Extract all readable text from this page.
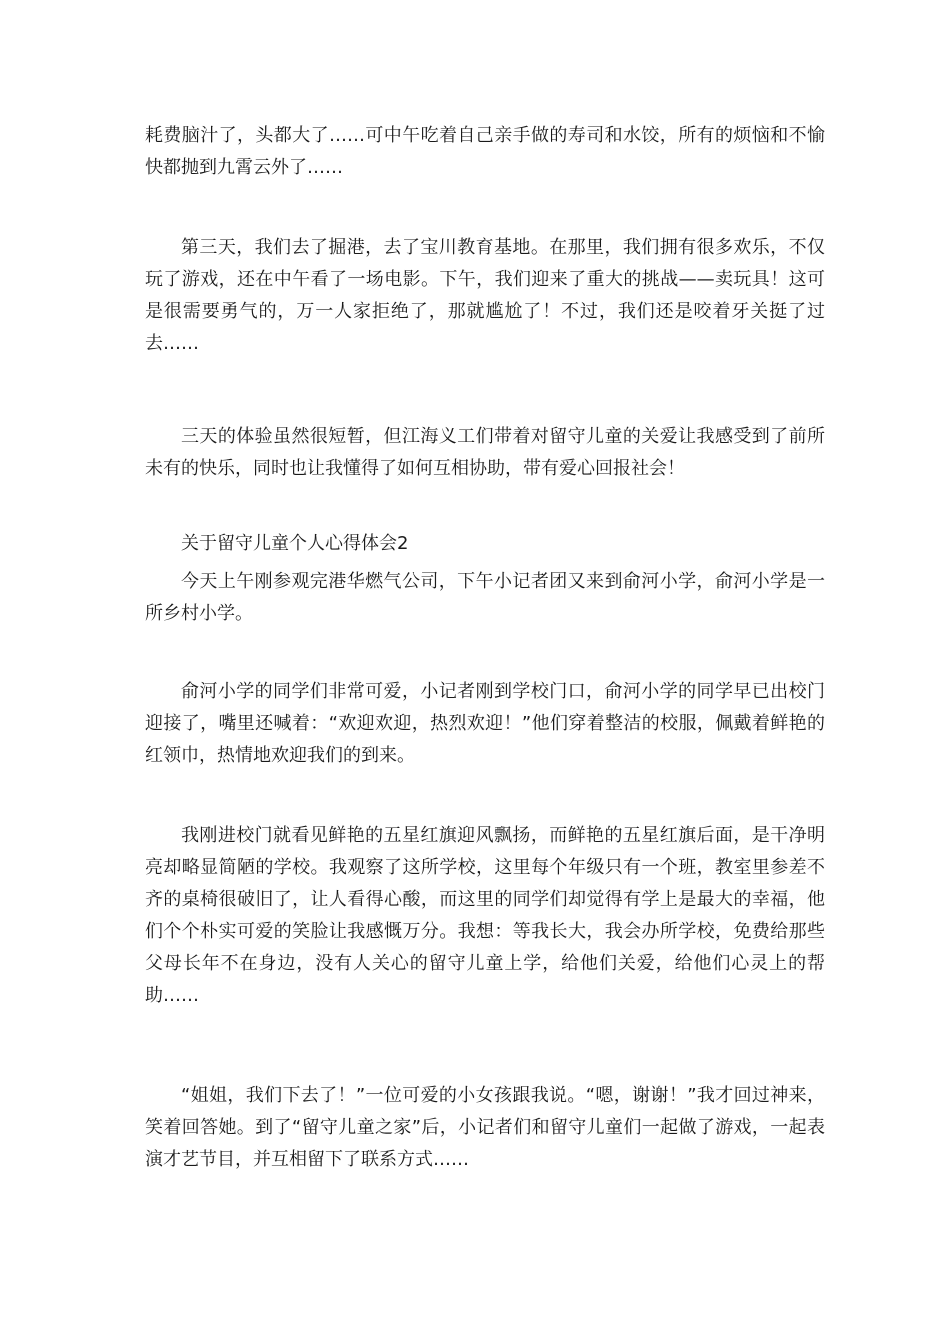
耗费脑汁了，头都大了……可中午吃着自己亲手做的寿司和水饺，所有的烦恼和不愉快都抛到九霄云外了……

第三天，我们去了掘港，去了宝川教育基地。在那里，我们拥有很多欢乐，不仅玩了游戏，还在中午看了一场电影。下午，我们迎来了重大的挑战——卖玩具！这可是很需要勇气的，万一人家拒绝了，那就尴尬了！不过，我们还是咬着牙关挺了过去……

三天的体验虽然很短暂，但江海义工们带着对留守儿童的关爱让我感受到了前所未有的快乐，同时也让我懂得了如何互相协助，带有爱心回报社会！

关于留守儿童个人心得体会2

今天上午刚参观完港华燃气公司，下午小记者团又来到俞河小学，俞河小学是一所乡村小学。

俞河小学的同学们非常可爱，小记者刚到学校门口，俞河小学的同学早已出校门迎接了，嘴里还喊着：“欢迎欢迎，热烈欢迎！”他们穿着整洁的校服，佩戴着鲜艳的红领巾，热情地欢迎我们的到来。

我刚进校门就看见鲜艳的五星红旗迎风飘扬，而鲜艳的五星红旗后面，是干净明亮却略显简陋的学校。我观察了这所学校，这里每个年级只有一个班，教室里参差不齐的桌椅很破旧了，让人看得心酸，而这里的同学们却觉得有学上是最大的幸福，他们个个朴实可爱的笑脸让我感慨万分。我想：等我长大，我会办所学校，免费给那些父母长年不在身边，没有人关心的留守儿童上学，给他们关爱，给他们心灵上的帮助……

“姐姐，我们下去了！”一位可爱的小女孩跟我说。“嗯，谢谢！”我才回过神来，笑着回答她。到了“留守儿童之家”后，小记者们和留守儿童们一起做了游戏，一起表演才艺节目，并互相留下了联系方式……
